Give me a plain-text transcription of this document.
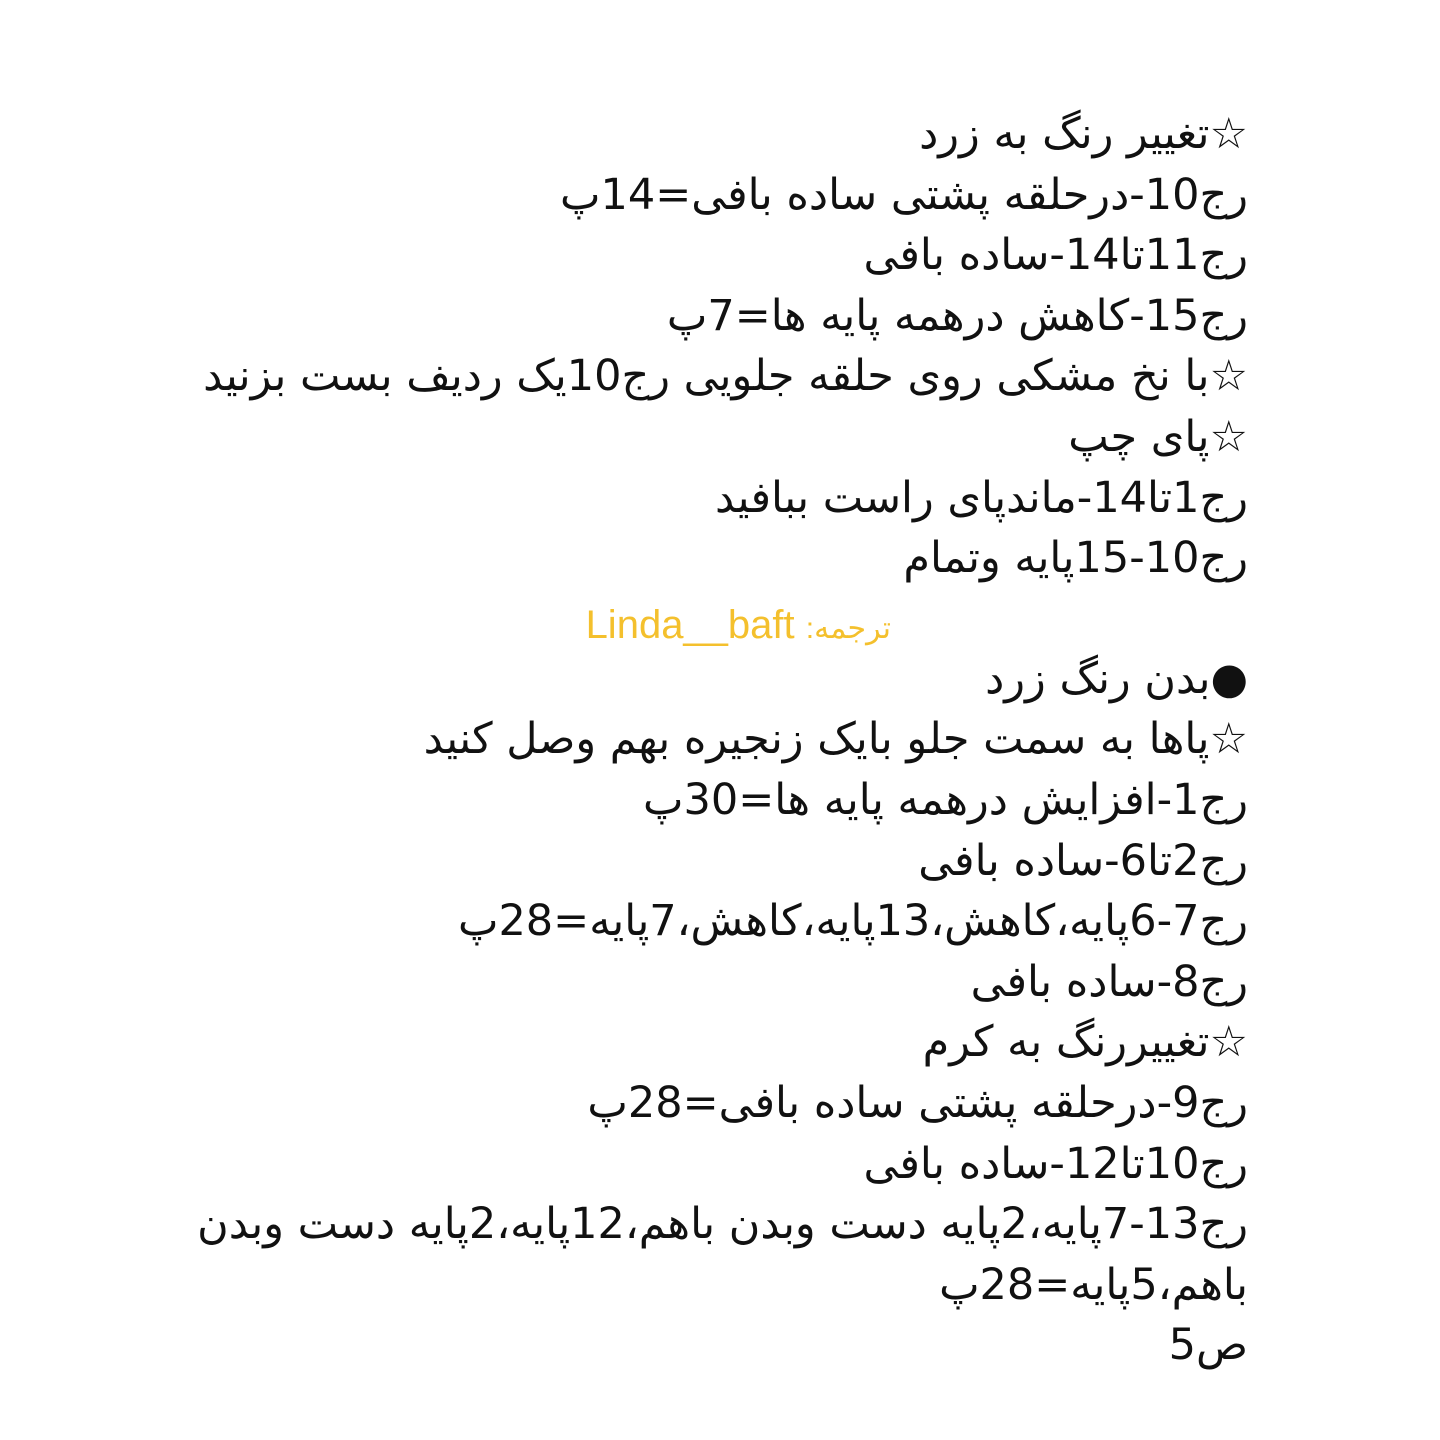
☆تغییر رنگ به زرد

رج10-درحلقه پشتی ساده بافی=14پ

رج11تا14-ساده بافی

رج15-کاهش درهمه پایه ها=7پ

☆با نخ مشکی روی حلقه جلویی رج10یک ردیف بست بزنید

☆پای چپ

رج1تا14-ماندپای راست ببافید

رج10-15پایه وتمام

ترجمه: Linda__baft

●بدن رنگ زرد

☆پاها به سمت جلو بایک زنجیره بهم وصل کنید

رج1-افزایش درهمه پایه ها=30پ

رج2تا6-ساده بافی

رج7-6پایه،کاهش،13پایه،کاهش،7پایه=28پ

رج8-ساده بافی

☆تغییررنگ به کرم

رج9-درحلقه پشتی ساده بافی=28پ

رج10تا12-ساده بافی

رج13-7پایه،2پایه دست وبدن باهم،12پایه،2پایه دست وبدن

باهم،5پایه=28پ

ص5
